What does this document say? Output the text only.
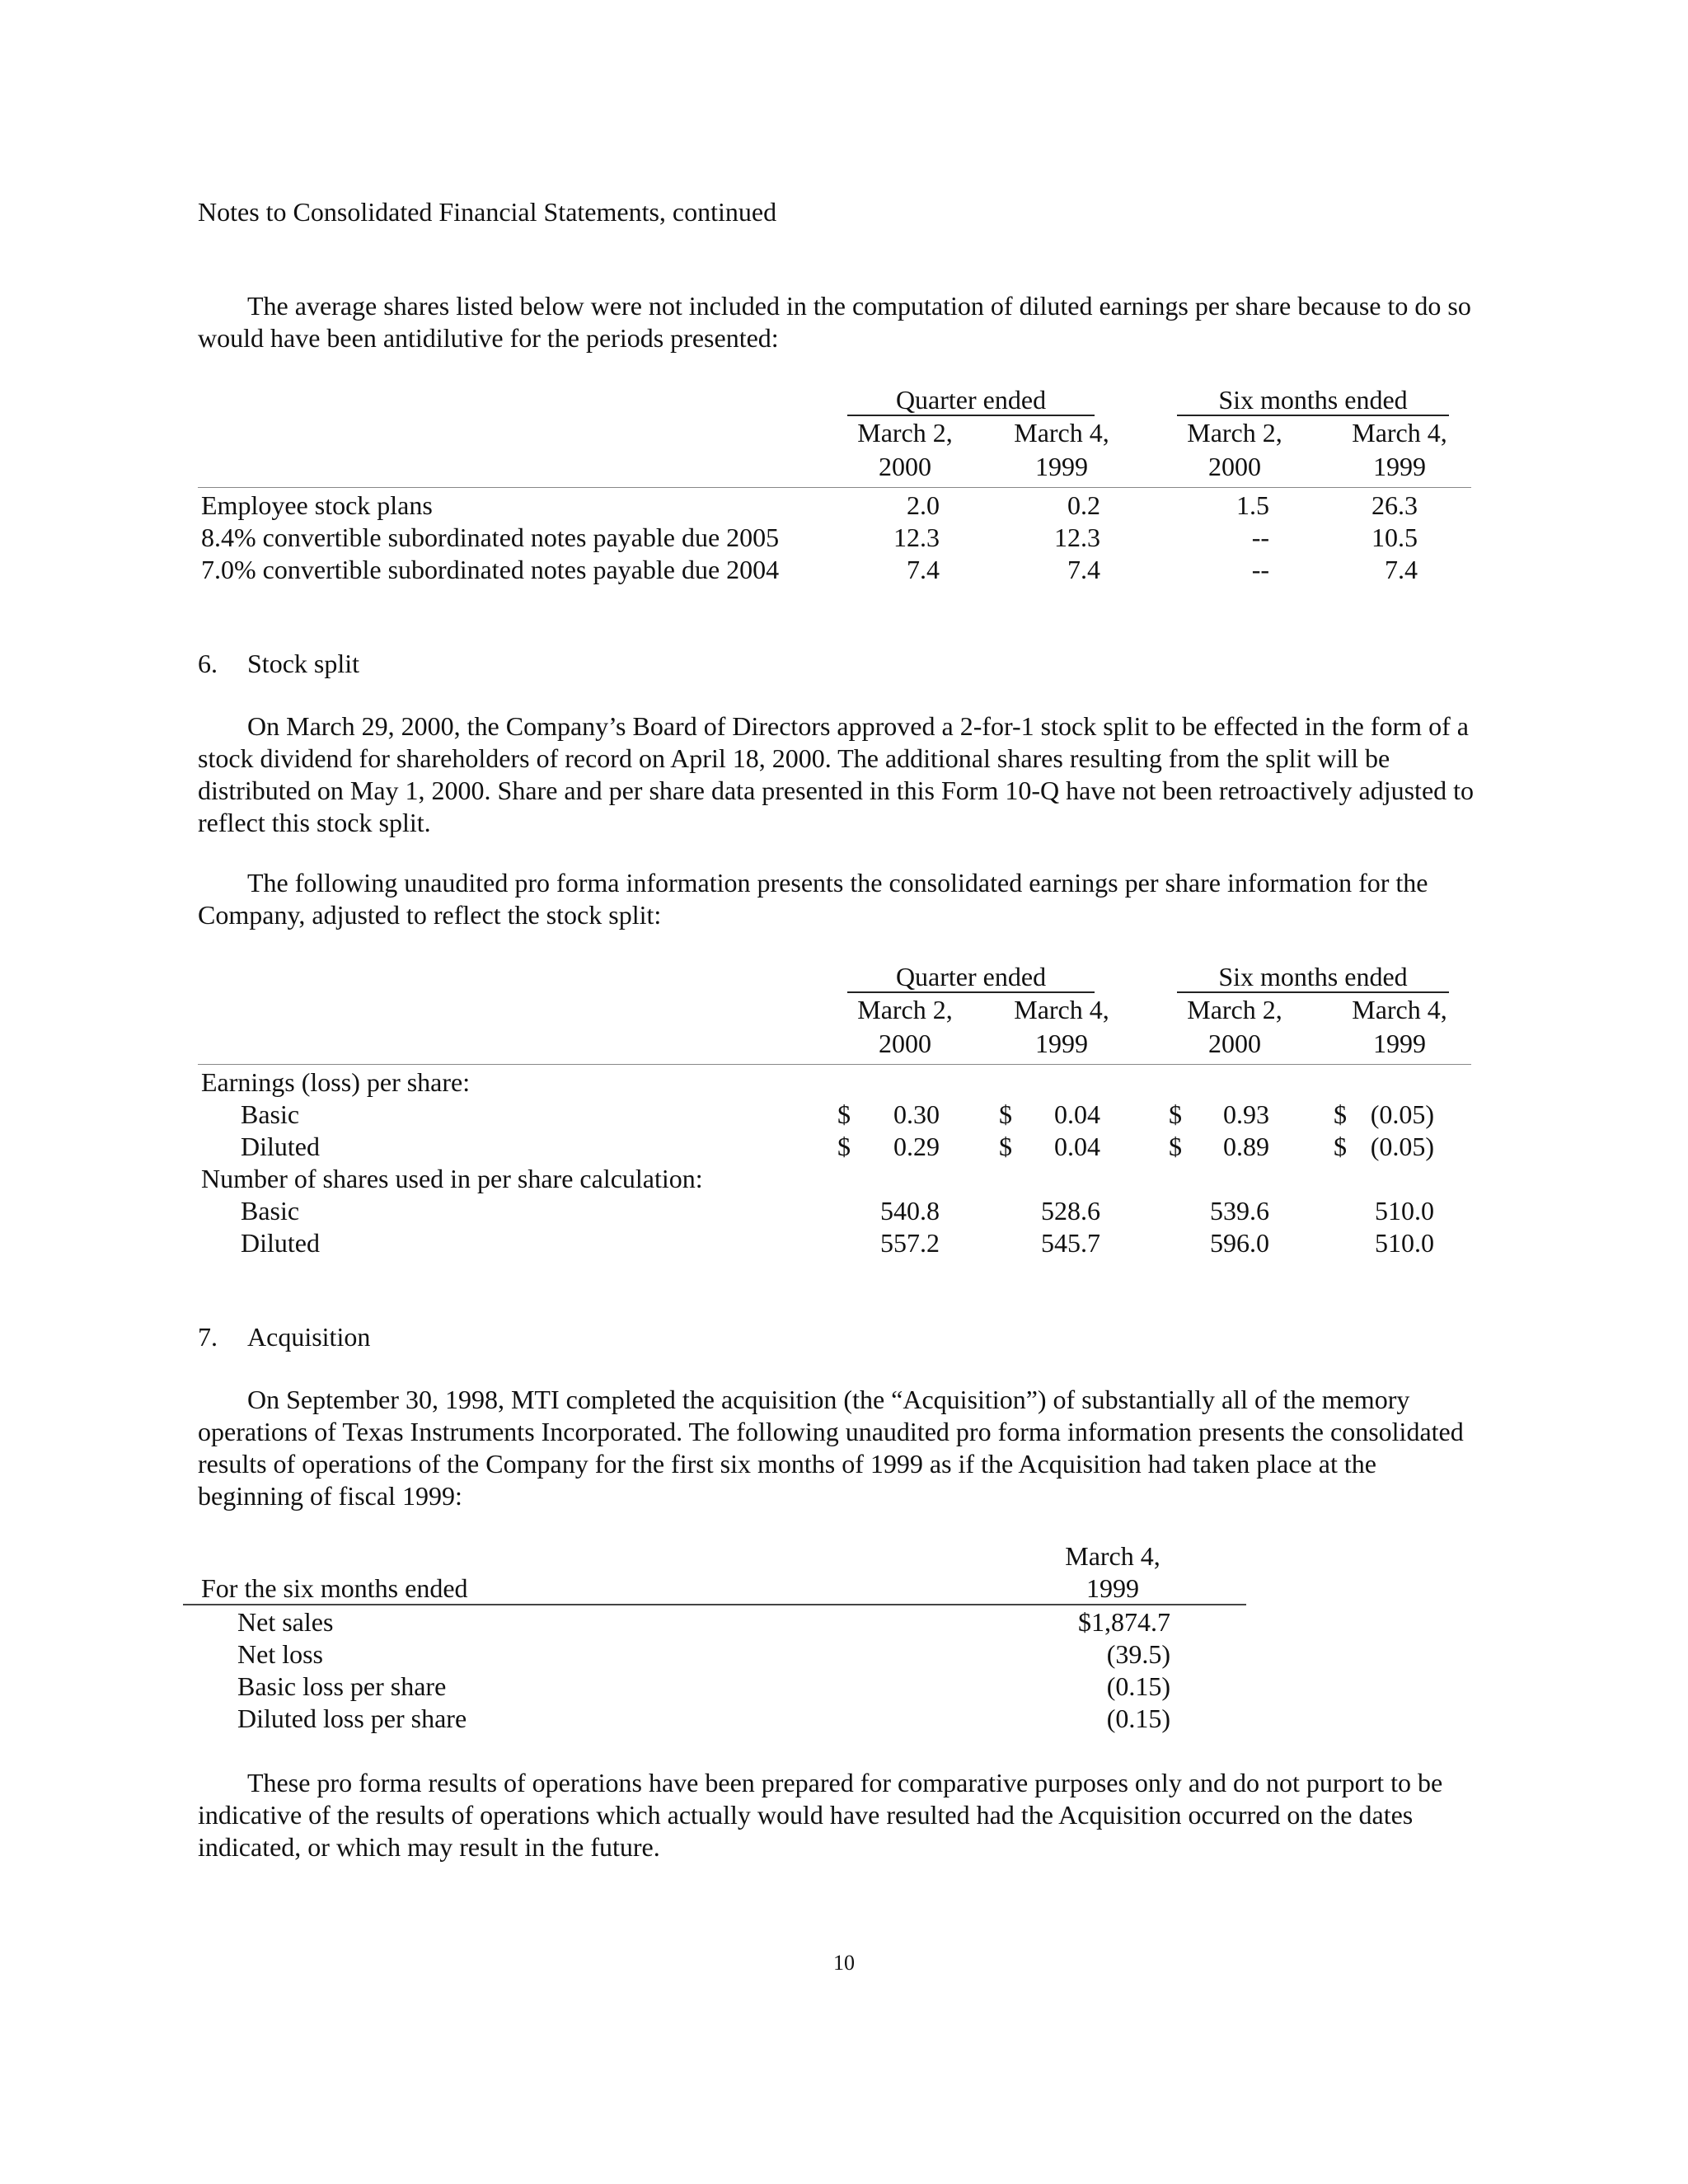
Notes to Consolidated Financial Statements, continued

The average shares listed below were not included in the computation of diluted earnings per share because to do so would have been antidilutive for the periods presented:

Quarter ended	Six months ended
March 2,	March 4,	March 2,	March 4,
2000	1999	2000	1999
Employee stock plans	2.0	0.2	1.5	26.3
8.4% convertible subordinated notes payable due 2005	12.3	12.3	--	10.5
7.0% convertible subordinated notes payable due 2004	7.4	7.4	--	7.4
6. Stock split

On March 29, 2000, the Company’s Board of Directors approved a 2-for-1 stock split to be effected in the form of a stock dividend for shareholders of record on April 18, 2000. The additional shares resulting from the split will be distributed on May 1, 2000. Share and per share data presented in this Form 10-Q have not been retroactively adjusted to reflect this stock split.

The following unaudited pro forma information presents the consolidated earnings per share information for the Company, adjusted to reflect the stock split:

Quarter ended	Six months ended
March 2,	March 4,	March 2,	March 4,
2000	1999	2000	1999
Earnings (loss) per share:
Basic	$	0.30 $	0.04	$	0.93 $ (0.05)
Diluted	$	0.29 $	0.04	$	0.89 $ (0.05)
Number of shares used in per share calculation:
Basic	540.8	528.6	539.6	510.0
Diluted	557.2	545.7	596.0	510.0
7. Acquisition

On September 30, 1998, MTI completed the acquisition (the “Acquisition”) of substantially all of the memory operations of Texas Instruments Incorporated. The following unaudited pro forma information presents the consolidated results of operations of the Company for the first six months of 1999 as if the Acquisition had taken place at the beginning of fiscal 1999:

March 4,
For the six months ended	1999
Net sales	$1,874.7
Net loss	(39.5)
Basic loss per share	(0.15)
Diluted loss per share	(0.15)

These pro forma results of operations have been prepared for comparative purposes only and do not purport to be indicative of the results of operations which actually would have resulted had the Acquisition occurred on the dates indicated, or which may result in the future.

10
